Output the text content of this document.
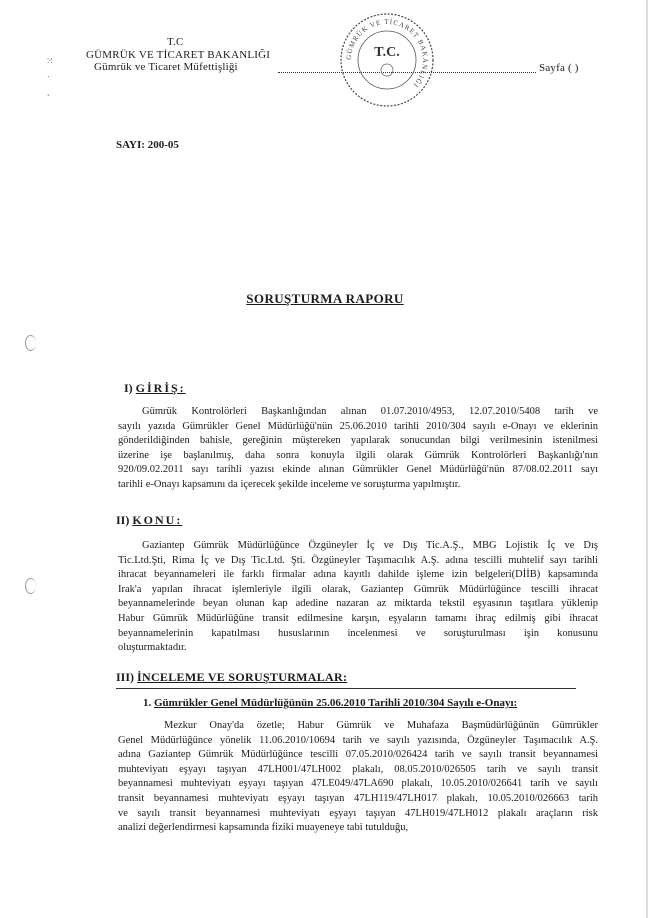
⁙
ᐧ
⸱
T.C
GÜMRÜK VE TİCARET BAKANLIĞI
Gümrük ve Ticaret Müfettişliği	Sayfa ( )
GÜMRÜK VE TİCARET BAKANLIĞI
T.C.
SAYI: 200-05
SORUŞTURMA RAPORU
I) GİRİŞ:
Gümrük Kontrolörleri Başkanlığından alınan 01.07.2010/4953, 12.07.2010/5408 tarih ve
sayılı yazıda Gümrükler Genel Müdürlüğü'nün 25.06.2010 tarihli 2010/304 sayılı e-Onayı ve eklerinin
gönderildiğinden bahisle, gereğinin müştereken yapılarak sonucundan bilgi verilmesinin istenilmesi
üzerine işe başlanılmış, daha sonra konuyla ilgili olarak Gümrük Kontrolörleri Başkanlığı'nın
920/09.02.2011 sayı tarihli yazısı ekinde alınan Gümrükler Genel Müdürlüğü'nün 87/08.02.2011 sayı
tarihli e-Onayı kapsamını da içerecek şekilde inceleme ve soruşturma yapılmıştır.
II) KONU:
Gaziantep Gümrük Müdürlüğünce Özgüneyler İç ve Dış Tic.A.Ş., MBG Lojistik İç ve Dış
Tic.Ltd.Şti, Rima İç ve Dış Tic.Ltd. Şti. Özgüneyler Taşımacılık A.Ş. adına tescilli muhtelif sayı tarihli
ihracat beyannameleri ile farklı firmalar adına kayıtlı dahilde işleme izin belgeleri(DİİB) kapsamında
Irak'a yapılan ihracat işlemleriyle ilgili olarak, Gaziantep Gümrük Müdürlüğünce tescilli ihracat
beyannamelerinde beyan olunan kap adedine nazaran az miktarda tekstil eşyasının taşıtlara yüklenip
Habur Gümrük Müdürlüğüne transit edilmesine karşın, eşyaların tamamı ihraç edilmiş gibi ihracat
beyannamelerinin kapatılması hususlarının incelenmesi ve soruşturulması işin konusunu
oluşturmaktadır.
III) İNCELEME VE SORUŞTURMALAR:
1. Gümrükler Genel Müdürlüğünün 25.06.2010 Tarihli 2010/304 Sayılı e-Onayı:
Mezkur Onay'da özetle; Habur Gümrük ve Muhafaza Başmüdürlüğünün Gümrükler
Genel Müdürlüğünce yönelik 11.06.2010/10694 tarih ve sayılı yazısında, Özgüneyler Taşımacılık A.Ş.
adına Gaziantep Gümrük Müdürlüğünce tescilli 07.05.2010/026424 tarih ve sayılı transit beyannamesi
muhteviyatı eşyayı taşıyan 47LH001/47LH002 plakalı, 08.05.2010/026505 tarih ve sayılı transit
beyannamesi muhteviyatı eşyayı taşıyan 47LE049/47LA690 plakalı, 10.05.2010/026641 tarih ve sayılı
transit beyannamesi muhteviyatı eşyayı taşıyan 47LH119/47LH017 plakalı, 10.05.2010/026663 tarih
ve sayılı transit beyannamesi muhteviyatı eşyayı taşıyan 47LH019/47LH012 plakalı araçların risk
analizi değerlendirmesi kapsamında fiziki muayeneye tabi tutulduğu,
